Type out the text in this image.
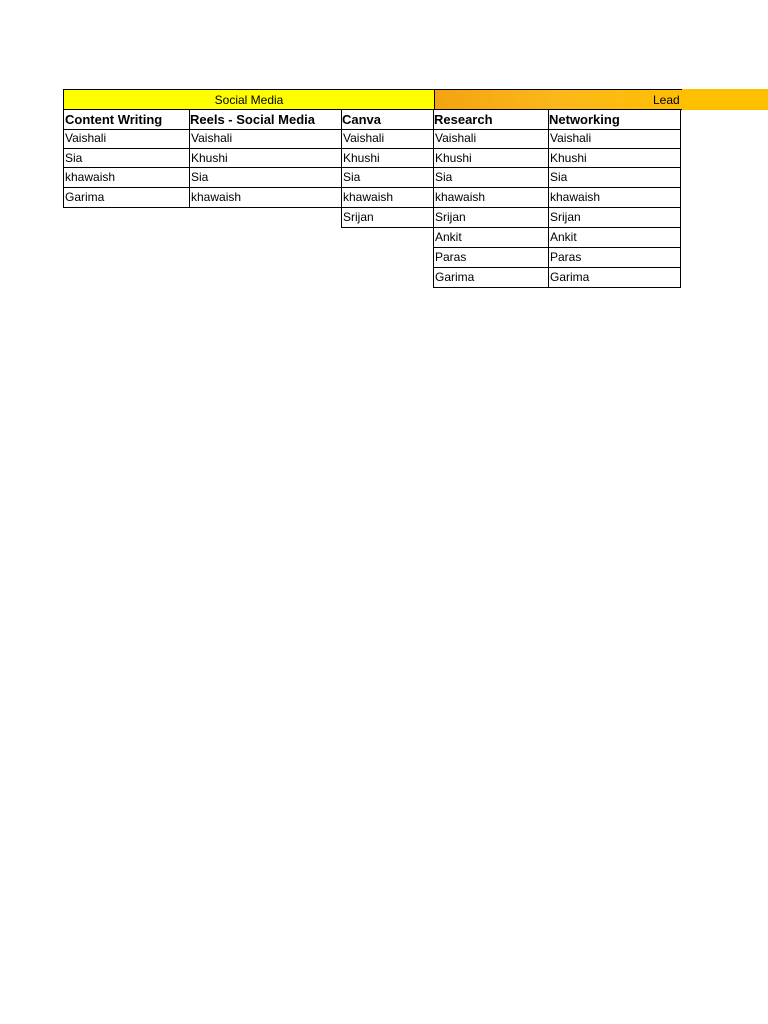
Social Media	Lead
Content Writing
Vaishali
Sia
khawaish
Garima
Reels - Social Media
Vaishali
Khushi
Sia
khawaish
Canva
Vaishali
Khushi
Sia
khawaish
Srijan
Research
Vaishali
Khushi
Sia
khawaish
Srijan
Ankit
Paras
Garima
Networking
Vaishali
Khushi
Sia
khawaish
Srijan
Ankit
Paras
Garima
